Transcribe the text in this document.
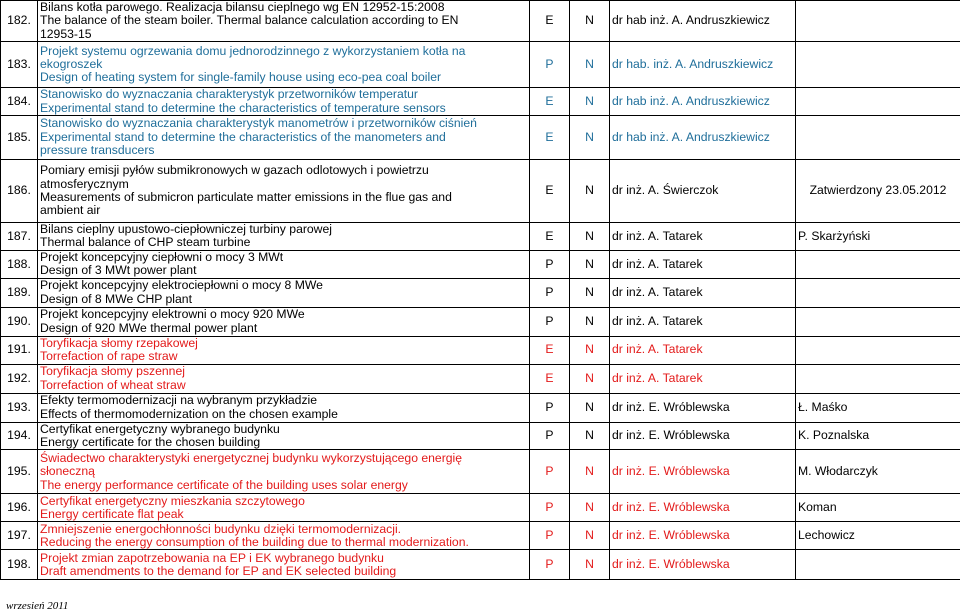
182.	Bilans kotła parowego. Realizacja bilansu cieplnego wg EN 12952-15:2008
The balance of the steam boiler. Thermal balance calculation according to EN
12953-15	E	N	dr hab inż. A. Andruszkiewicz	
183.	Projekt systemu ogrzewania domu jednorodzinnego z wykorzystaniem kotła na
ekogroszek
Design of heating system for single-family house using eco-pea coal boiler	P	N	dr hab. inż. A. Andruszkiewicz	
184.	Stanowisko do wyznaczania charakterystyk przetworników temperatur
Experimental stand to determine the characteristics of temperature sensors	E	N	dr hab inż. A. Andruszkiewicz	
185.	Stanowisko do wyznaczania charakterystyk manometrów i przetworników ciśnień
Experimental stand to determine the characteristics of the manometers and
pressure transducers	E	N	dr hab inż. A. Andruszkiewicz	
186.	Pomiary emisji pyłów submikronowych w gazach odlotowych i powietrzu
atmosferycznym
Measurements of submicron particulate matter emissions in the flue gas and
ambient air	E	N	dr inż. A. Świerczok	Zatwierdzony 23.05.2012
187.	Bilans cieplny upustowo-ciepłowniczej turbiny parowej
Thermal balance of CHP steam turbine	E	N	dr inż. A. Tatarek	P. Skarżyński
188.	Projekt koncepcyjny ciepłowni o mocy 3 MWt
Design of 3 MWt power plant	P	N	dr inż. A. Tatarek	
189.	Projekt koncepcyjny elektrociepłowni o mocy 8 MWe
Design of 8 MWe CHP plant	P	N	dr inż. A. Tatarek	
190.	Projekt koncepcyjny elektrowni o mocy 920 MWe
Design of 920 MWe thermal power plant	P	N	dr inż. A. Tatarek	
191.	Toryfikacja słomy rzepakowej
Torrefaction of rape straw	E	N	dr inż. A. Tatarek	
192.	Toryfikacja słomy pszennej
Torrefaction of wheat straw	E	N	dr inż. A. Tatarek	
193.	Efekty termomodernizacji na wybranym przykładzie
Effects of thermomodernization on the chosen example	P	N	dr inż. E. Wróblewska	Ł. Maśko
194.	Certyfikat energetyczny wybranego budynku
Energy certificate for the chosen building	P	N	dr inż. E. Wróblewska	K. Poznalska
195.	Świadectwo charakterystyki energetycznej budynku wykorzystującego energię
słoneczną
The energy performance certificate of the building uses solar energy	P	N	dr inż. E. Wróblewska	M. Włodarczyk
196.	Certyfikat energetyczny mieszkania szczytowego
Energy certificate flat peak	P	N	dr inż. E. Wróblewska	Koman
197.	Zmniejszenie energochłonności budynku dzięki termomodernizacji.
Reducing the energy consumption of the building due to thermal modernization.	P	N	dr inż. E. Wróblewska	Lechowicz
198.	Projekt zmian zapotrzebowania na EP i EK wybranego budynku
Draft amendments to the demand for EP and EK selected building	P	N	dr inż. E. Wróblewska	
wrzesień 2011
